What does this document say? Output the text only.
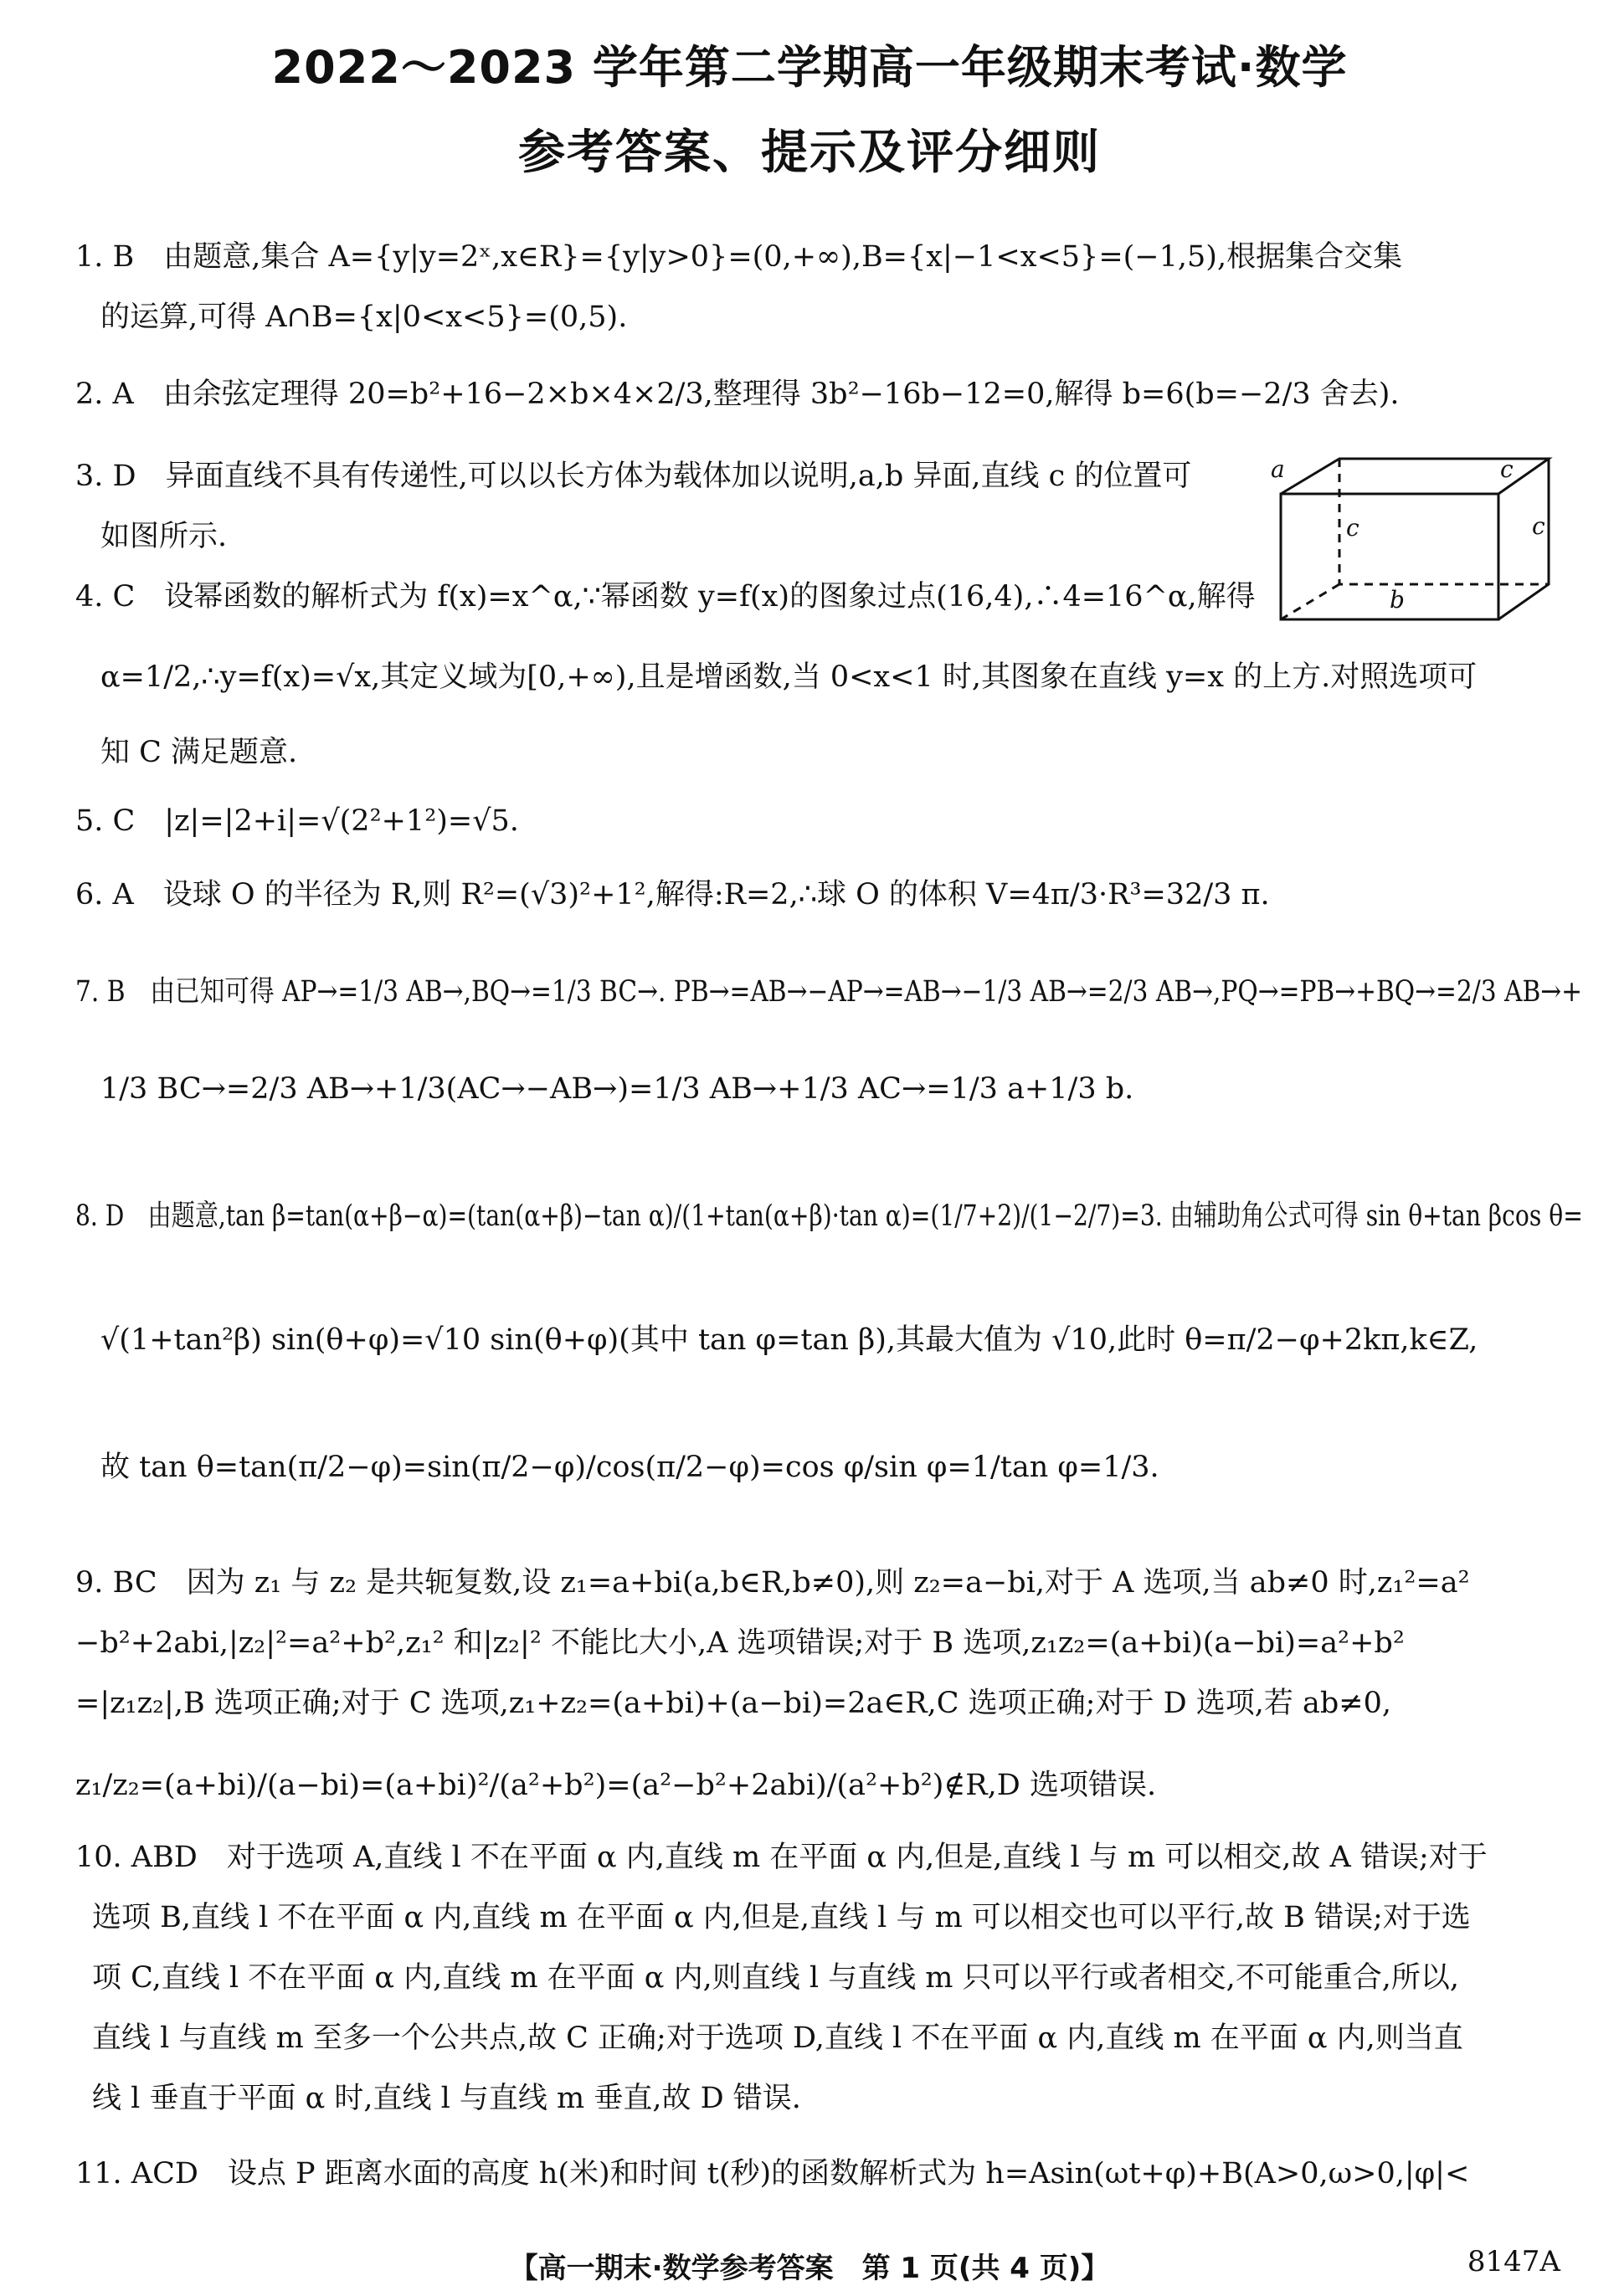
2022～2023 学年第二学期高一年级期末考试·数学
参考答案、提示及评分细则
1. B　由题意,集合 A={y|y=2ˣ,x∈R}={y|y>0}=(0,+∞),B={x|−1<x<5}=(−1,5),根据集合交集
的运算,可得 A∩B={x|0<x<5}=(0,5).
2. A　由余弦定理得 20=b²+16−2×b×4×2/3,整理得 3b²−16b−12=0,解得 b=6(b=−2/3 舍去).
3. D　异面直线不具有传递性,可以以长方体为载体加以说明,a,b 异面,直线 c 的位置可
如图所示.
4. C　设幂函数的解析式为 f(x)=x^α,∵幂函数 y=f(x)的图象过点(16,4),∴4=16^α,解得
α=1/2,∴y=f(x)=√x,其定义域为[0,+∞),且是增函数,当 0<x<1 时,其图象在直线 y=x 的上方.对照选项可
知 C 满足题意.
5. C　|z|=|2+i|=√(2²+1²)=√5.
6. A　设球 O 的半径为 R,则 R²=(√3)²+1²,解得:R=2,∴球 O 的体积 V=4π/3·R³=32/3 π.
7. B　由已知可得 AP→=1/3 AB→,BQ→=1/3 BC→. PB→=AB→−AP→=AB→−1/3 AB→=2/3 AB→,PQ→=PB→+BQ→=2/3 AB→+
1/3 BC→=2/3 AB→+1/3(AC→−AB→)=1/3 AB→+1/3 AC→=1/3 a+1/3 b.
8. D　由题意,tan β=tan(α+β−α)=(tan(α+β)−tan α)/(1+tan(α+β)·tan α)=(1/7+2)/(1−2/7)=3. 由辅助角公式可得 sin θ+tan βcos θ=
√(1+tan²β) sin(θ+φ)=√10 sin(θ+φ)(其中 tan φ=tan β),其最大值为 √10,此时 θ=π/2−φ+2kπ,k∈Z,
故 tan θ=tan(π/2−φ)=sin(π/2−φ)/cos(π/2−φ)=cos φ/sin φ=1/tan φ=1/3.
9. BC　因为 z₁ 与 z₂ 是共轭复数,设 z₁=a+bi(a,b∈R,b≠0),则 z₂=a−bi,对于 A 选项,当 ab≠0 时,z₁²=a²
−b²+2abi,|z₂|²=a²+b²,z₁² 和|z₂|² 不能比大小,A 选项错误;对于 B 选项,z₁z₂=(a+bi)(a−bi)=a²+b²
=|z₁z₂|,B 选项正确;对于 C 选项,z₁+z₂=(a+bi)+(a−bi)=2a∈R,C 选项正确;对于 D 选项,若 ab≠0,
z₁/z₂=(a+bi)/(a−bi)=(a+bi)²/(a²+b²)=(a²−b²+2abi)/(a²+b²)∉R,D 选项错误.
10. ABD　对于选项 A,直线 l 不在平面 α 内,直线 m 在平面 α 内,但是,直线 l 与 m 可以相交,故 A 错误;对于
选项 B,直线 l 不在平面 α 内,直线 m 在平面 α 内,但是,直线 l 与 m 可以相交也可以平行,故 B 错误;对于选
项 C,直线 l 不在平面 α 内,直线 m 在平面 α 内,则直线 l 与直线 m 只可以平行或者相交,不可能重合,所以,
直线 l 与直线 m 至多一个公共点,故 C 正确;对于选项 D,直线 l 不在平面 α 内,直线 m 在平面 α 内,则当直
线 l 垂直于平面 α 时,直线 l 与直线 m 垂直,故 D 错误.
11. ACD　设点 P 距离水面的高度 h(米)和时间 t(秒)的函数解析式为 h=Asin(ωt+φ)+B(A>0,ω>0,|φ|<
a	c
c
c
b
【高一期末·数学参考答案　第 1 页(共 4 页)】	8147A
